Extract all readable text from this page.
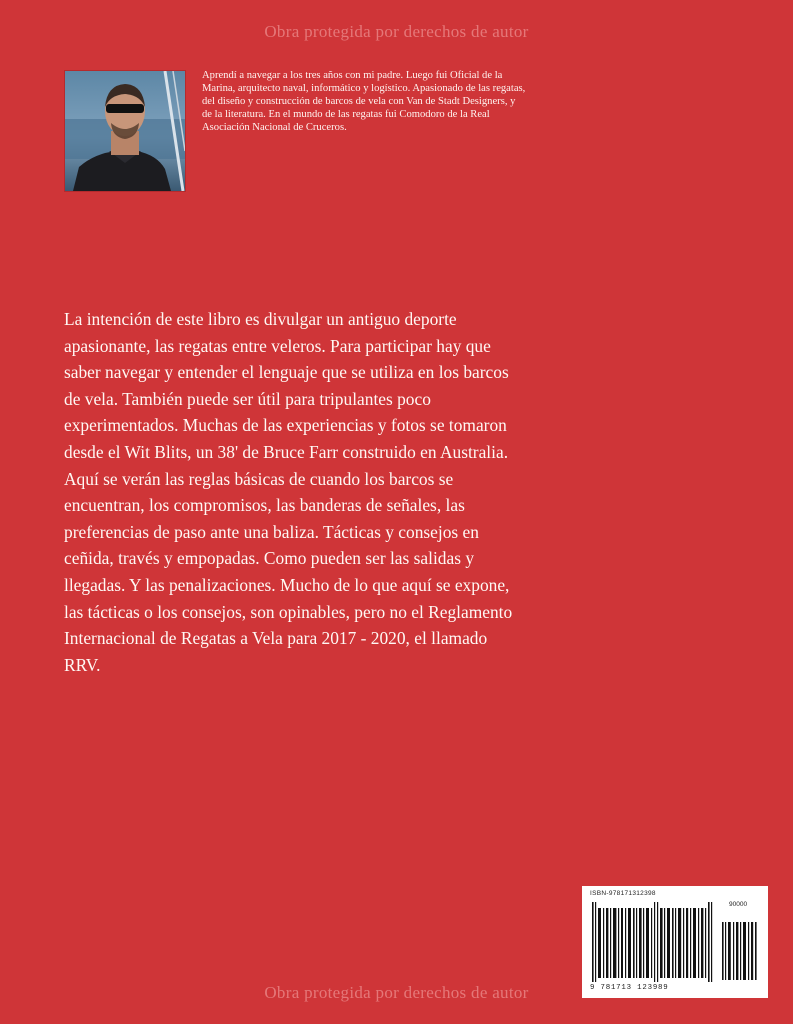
Obra protegida por derechos de autor
Aprendí a navegar a los tres años con mi padre. Luego fui Oficial de la Marina, arquitecto naval, informático y logístico. Apasionado de las regatas, del diseño y construcción de barcos de vela con Van de Stadt Designers, y de la literatura. En el mundo de las regatas fui Comodoro de la Real Asociación Nacional de Cruceros.

La intención de este libro es divulgar un antiguo deporte apasionante, las regatas entre veleros. Para participar hay que saber navegar y entender el lenguaje que se utiliza en los barcos de vela. También puede ser útil para tripulantes poco experimentados. Muchas de las experiencias y fotos se tomaron desde el Wit Blits, un 38' de Bruce Farr construido en Australia. Aquí se verán las reglas básicas de cuando los barcos se encuentran, los compromisos, las banderas de señales, las preferencias de paso ante una baliza. Tácticas y consejos en ceñida, través y empopadas. Como pueden ser las salidas y llegadas. Y las penalizaciones. Mucho de lo que aquí se expone, las tácticas o los consejos, son opinables, pero no el Reglamento Internacional de Regatas a Vela para 2017 - 2020, el llamado RRV.

ISBN-978171312398
90000
9 781713 123989
Obra protegida por derechos de autor
